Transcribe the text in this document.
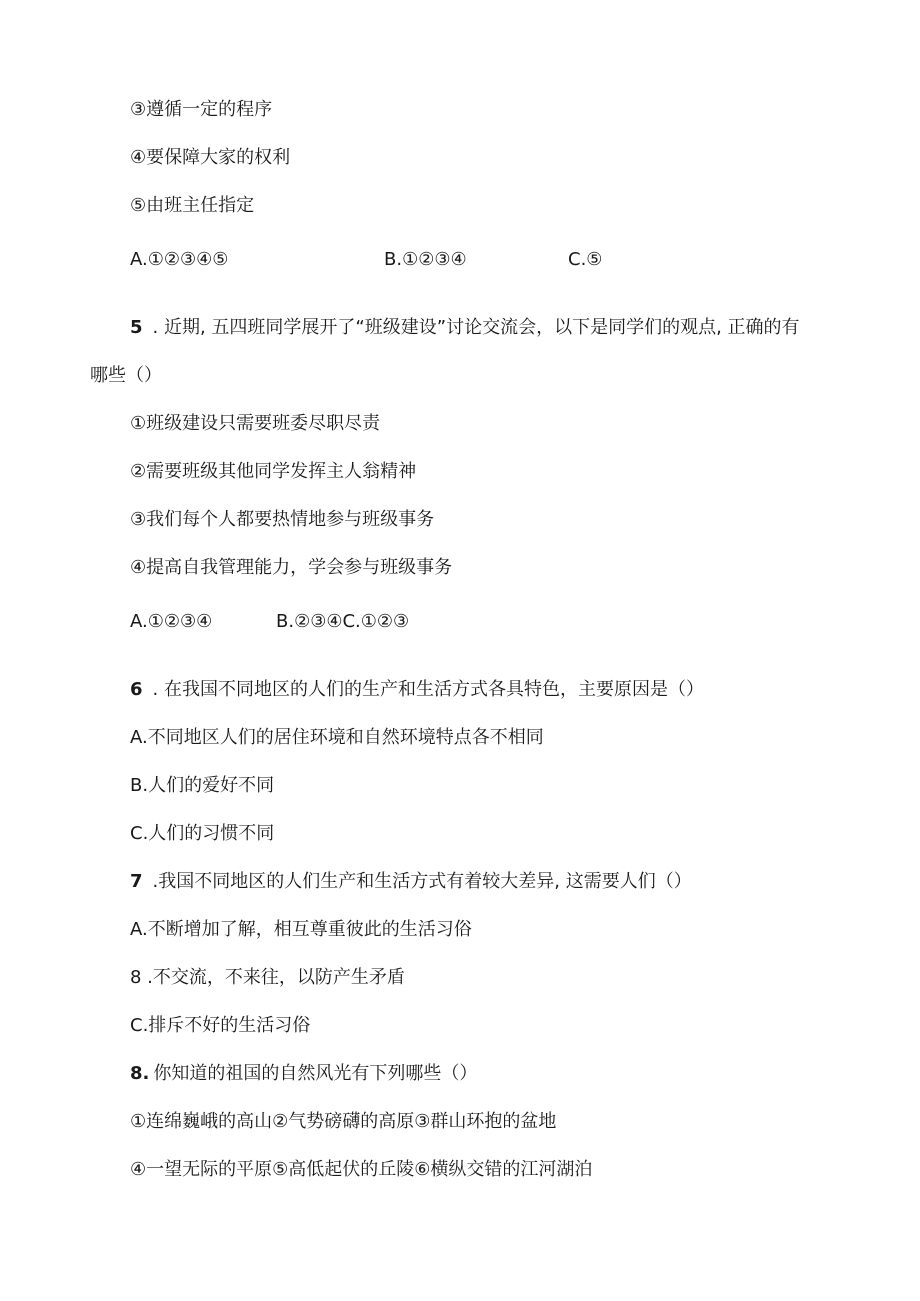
③遵循一定的程序
④要保障大家的权利
⑤由班主任指定
A.①②③④⑤	B.①②③④	C.⑤
5 . 近期, 五四班同学展开了“班级建设”讨论交流会，以下是同学们的观点, 正确的有
哪些（）
①班级建设只需要班委尽职尽责
②需要班级其他同学发挥主人翁精神
③我们每个人都要热情地参与班级事务
④提高自我管理能力，学会参与班级事务
A.①②③④	B.②③④C.①②③
6 . 在我国不同地区的人们的生产和生活方式各具特色，主要原因是（）
A.不同地区人们的居住环境和自然环境特点各不相同
B.人们的爱好不同
C.人们的习惯不同
7 .我国不同地区的人们生产和生活方式有着较大差异, 这需要人们（）
A.不断增加了解，相互尊重彼此的生活习俗
8 .不交流，不来往，以防产生矛盾
C.排斥不好的生活习俗
8. 你知道的祖国的自然风光有下列哪些（）
①连绵巍峨的高山②气势磅礴的高原③群山环抱的盆地
④一望无际的平原⑤高低起伏的丘陵⑥横纵交错的江河湖泊
